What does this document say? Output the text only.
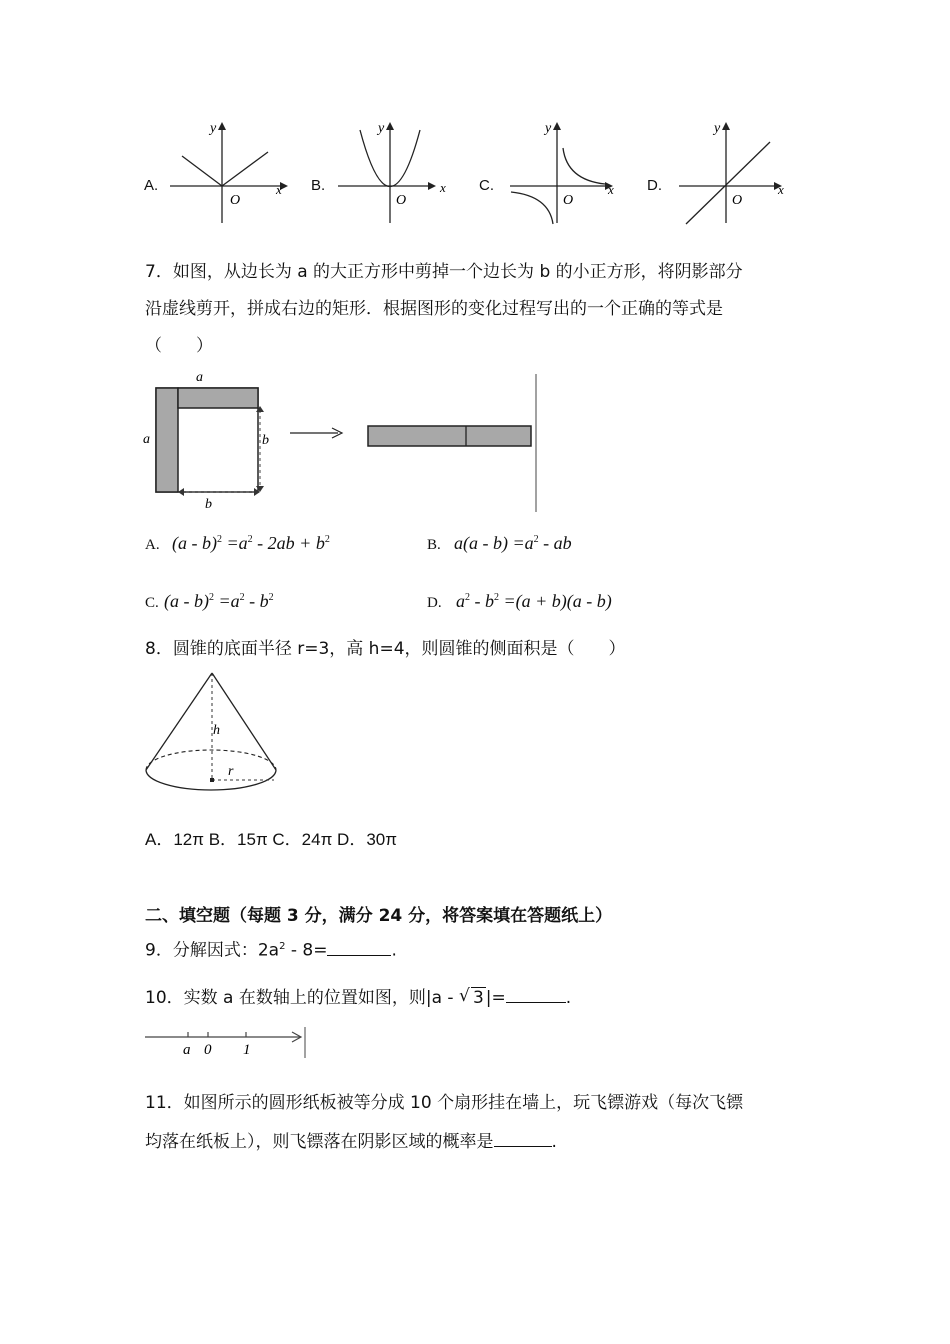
A.
y
x
O
B.
y
x
O
C.
y
x
O
D.
y
x
O
7．如图，从边长为 a 的大正方形中剪掉一个边长为 b 的小正方形，将阴影部分
沿虚线剪开，拼成右边的矩形．根据图形的变化过程写出的一个正确的等式是
（　　）
a
a	b
b
A. $(a - b)^2 =a^2 - 2ab + b^2$	B. $a(a - b) =a^2$ - ab
C. $(a - b)^2 =a^2 - b^2$	D. $a^2 - b^2 =(a + b)(a - b)$
8．圆锥的底面半径 r=3，高 h=4，则圆锥的侧面积是（　　）
h
r
A．12π B．15π C．24π D．30π
二、填空题（每题 3 分，满分 24 分，将答案填在答题纸上）
9．分解因式：$2a^2 - 8=$	.
10．实数 a 在数轴上的位置如图，则|a - √ 3 |=	.
a 0 1
11．如图所示的圆形纸板被等分成 10 个扇形挂在墙上，玩飞镖游戏（每次飞镖
均落在纸板上），则飞镖落在阴影区域的概率是	.
